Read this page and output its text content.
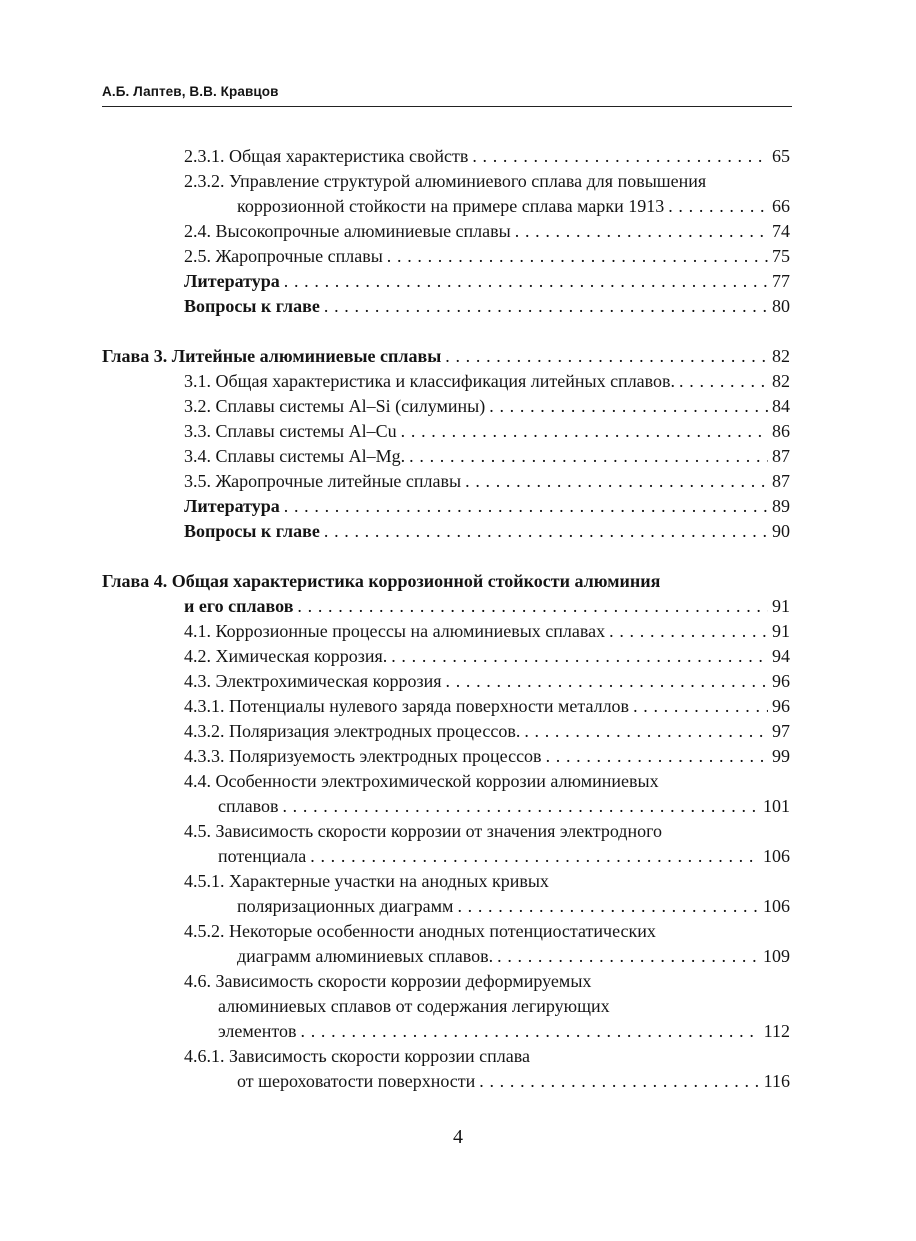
А.Б. Лаптев, В.В. Кравцов
2.3.1. Общая характеристика свойств . . .	65
2.3.2. Управление структурой алюминиевого сплава для повышения
коррозионной стойкости на примере сплава марки 1913 . . .	66
2.4. Высокопрочные алюминиевые сплавы . . .	74
2.5. Жаропрочные сплавы . . .	75
Литература . . .	77
Вопросы к главе . . .	80
Глава 3. Литейные алюминиевые сплавы . . .	82
3.1. Общая характеристика и классификация литейных сплавов. . . .	82
3.2. Сплавы системы Al–Si (силумины) . . .	84
3.3. Сплавы системы Al–Cu . . .	86
3.4. Сплавы системы Al–Mg. . . .	87
3.5. Жаропрочные литейные сплавы . . .	87
Литература . . .	89
Вопросы к главе . . .	90
Глава 4. Общая характеристика коррозионной стойкости алюминия
и его сплавов . . .	91
4.1. Коррозионные процессы на алюминиевых сплавах . . .	91
4.2. Химическая коррозия. . . .	94
4.3. Электрохимическая коррозия . . .	96
4.3.1. Потенциалы нулевого заряда поверхности металлов . . .	96
4.3.2. Поляризация электродных процессов. . . .	97
4.3.3. Поляризуемость электродных процессов . . .	99
4.4. Особенности электрохимической коррозии алюминиевых
сплавов . . .	101
4.5. Зависимость скорости коррозии от значения электродного
потенциала . . .	106
4.5.1. Характерные участки на анодных кривых
поляризационных диаграмм . . .	106
4.5.2. Некоторые особенности анодных потенциостатических
диаграмм алюминиевых сплавов. . . .	109
4.6. Зависимость скорости коррозии деформируемых
алюминиевых сплавов от содержания легирующих
элементов . . .	112
4.6.1. Зависимость скорости коррозии сплава
от шероховатости поверхности . . .	116
4
